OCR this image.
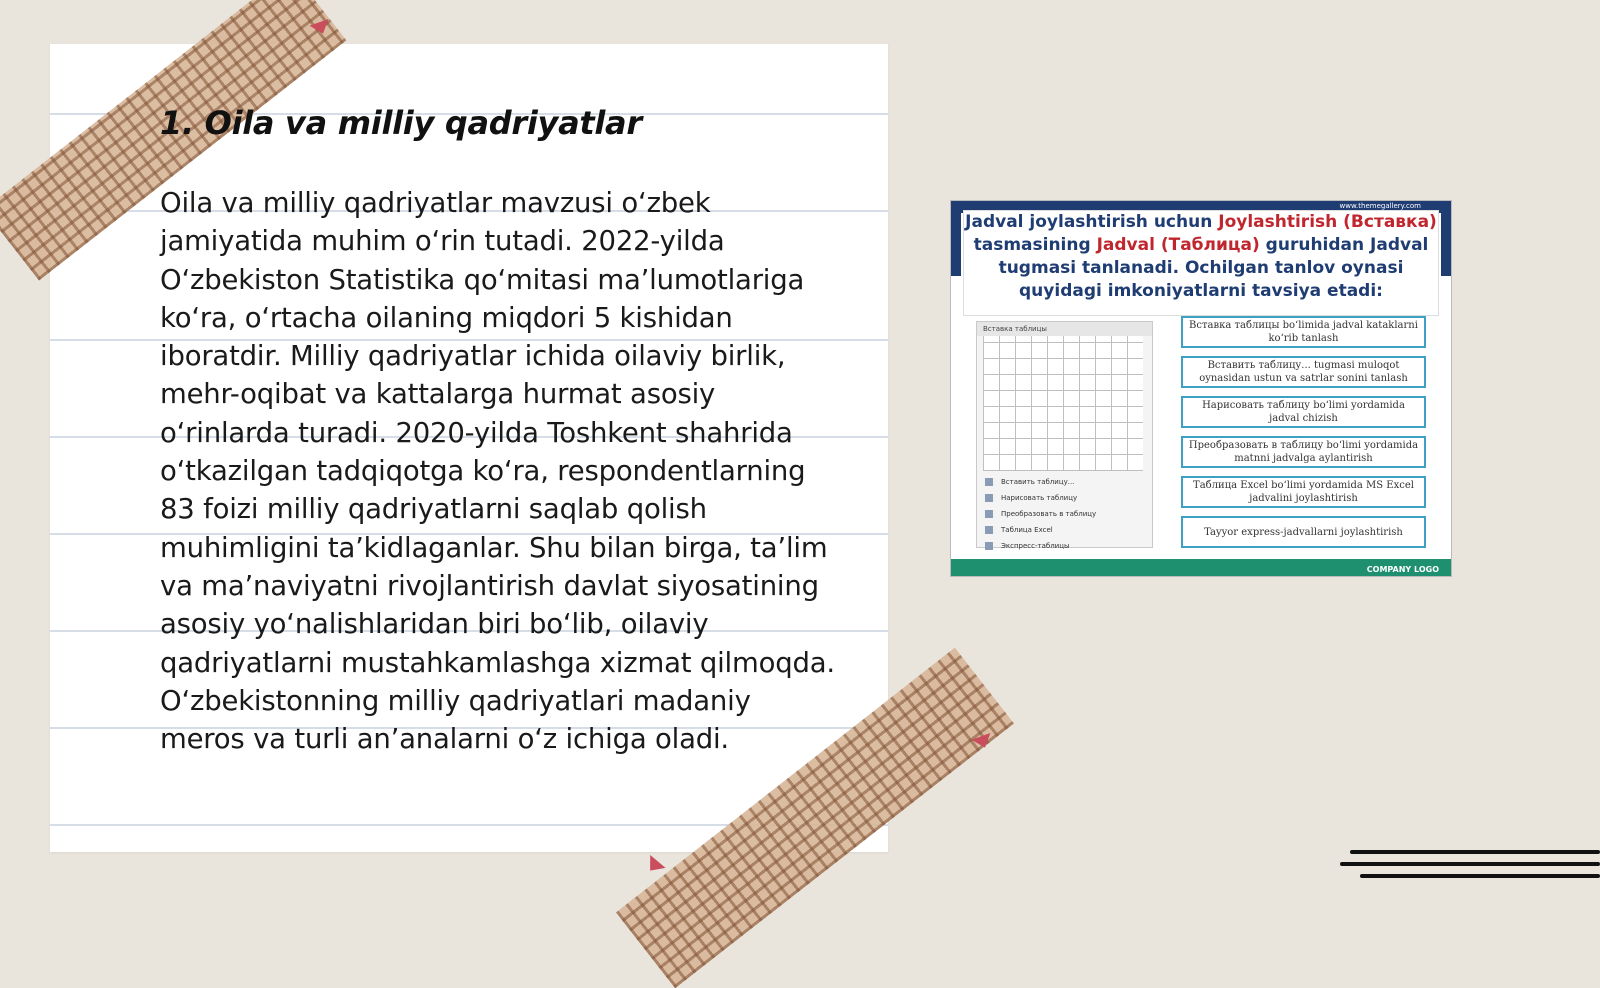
1. Oila va milliy qadriyatlar

Oila va milliy qadriyatlar mavzusi o‘zbek jamiyatida muhim o‘rin tutadi. 2022-yilda O‘zbekiston Statistika qo‘mitasi ma’lumotlariga ko‘ra, o‘rtacha oilaning miqdori 5 kishidan iboratdir. Milliy qadriyatlar ichida oilaviy birlik, mehr-oqibat va kattalarga hurmat asosiy o‘rinlarda turadi. 2020-yilda Toshkent shahrida o‘tkazilgan tadqiqotga ko‘ra, respondentlarning 83 foizi milliy qadriyatlarni saqlab qolish muhimligini ta’kidlaganlar. Shu bilan birga, ta’lim va ma’naviyatni rivojlantirish davlat siyosatining asosiy yo‘nalishlaridan biri bo‘lib, oilaviy qadriyatlarni mustahkamlashga xizmat qilmoqda. O‘zbekistonning milliy qadriyatlari madaniy meros va turli an’analarni o‘z ichiga oladi.

www.themegallery.com
Jadval joylashtirish uchun Joylashtirish (Вставка) tasmasining Jadval (Таблица) guruhidan Jadval tugmasi tanlanadi. Ochilgan tanlov oynasi quyidagi imkoniyatlarni tavsiya etadi:
Вставка таблицы
Вставить таблицу...
Нарисовать таблицу
Преобразовать в таблицу
Таблица Excel
Экспресс-таблицы
Вставка таблицы bo‘limida jadval kataklarni ko‘rib tanlash
Вставить таблицу... tugmasi muloqot oynasidan ustun va satrlar sonini tanlash
Нарисовать таблицу bo‘limi yordamida jadval chizish
Преобразовать в таблицу bo‘limi yordamida matnni jadvalga aylantirish
Таблица Excel bo‘limi yordamida MS Excel jadvalini joylashtirish
Tayyor express-jadvallarni joylashtirish
COMPANY LOGO
